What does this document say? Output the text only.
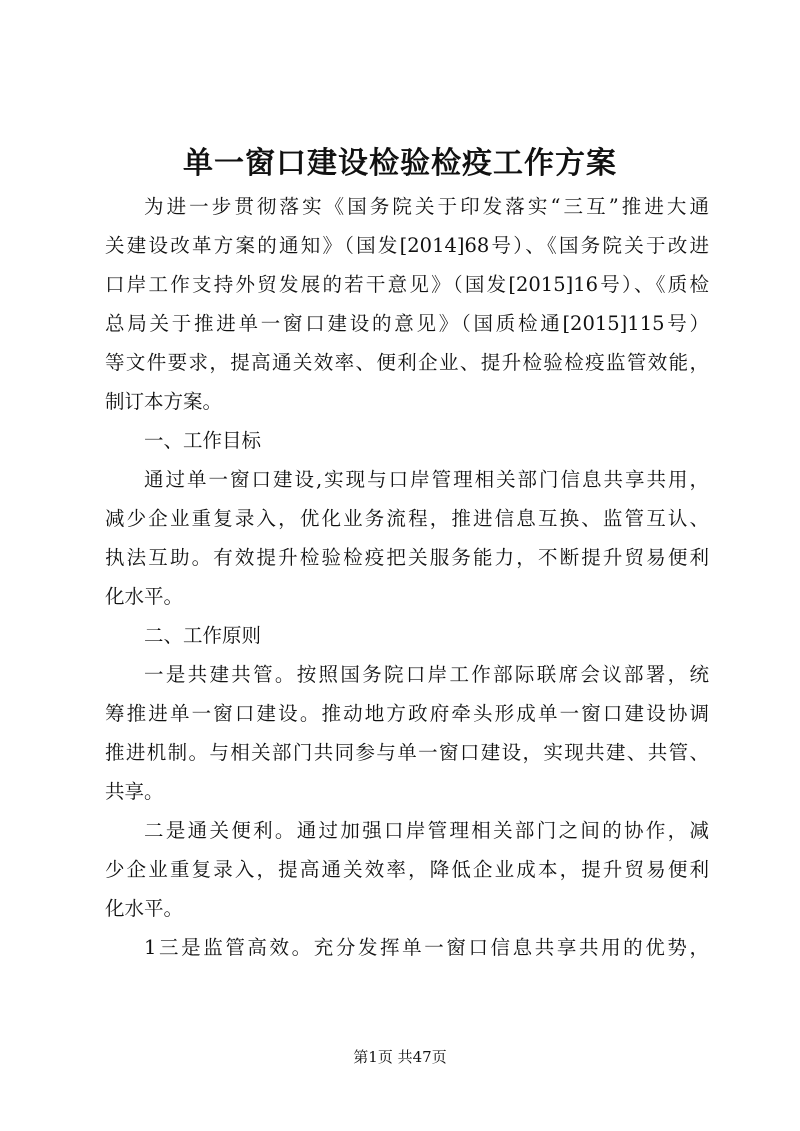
单一窗口建设检验检疫工作方案
为进一步贯彻落实《国务院关于印发落实“三互”推进大通
关建设改革方案的通知》（国发[2014]68号）、《国务院关于改进
口岸工作支持外贸发展的若干意见》（国发[2015]16号）、《质检
总局关于推进单一窗口建设的意见》（国质检通[2015]115号）
等文件要求，提高通关效率、便利企业、提升检验检疫监管效能，
制订本方案。
一、工作目标
通过单一窗口建设,实现与口岸管理相关部门信息共享共用，
减少企业重复录入，优化业务流程，推进信息互换、监管互认、
执法互助。有效提升检验检疫把关服务能力，不断提升贸易便利
化水平。
二、工作原则
一是共建共管。按照国务院口岸工作部际联席会议部署，统
筹推进单一窗口建设。推动地方政府牵头形成单一窗口建设协调
推进机制。与相关部门共同参与单一窗口建设，实现共建、共管、
共享。
二是通关便利。通过加强口岸管理相关部门之间的协作，减
少企业重复录入，提高通关效率，降低企业成本，提升贸易便利
化水平。
1三是监管高效。充分发挥单一窗口信息共享共用的优势，
第1页 共47页
